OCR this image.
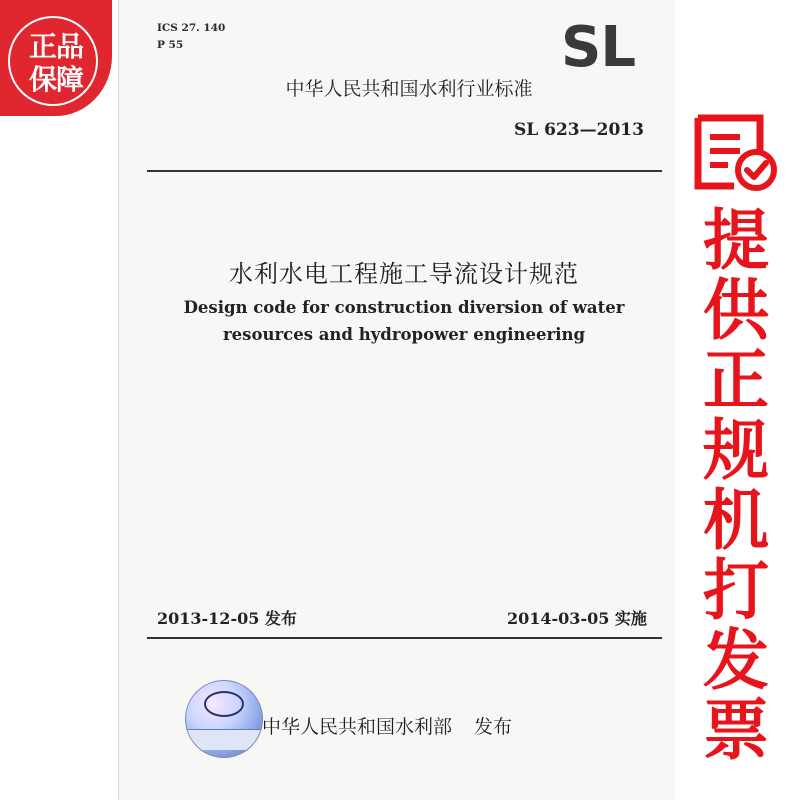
ICS 27. 140
P 55	SL
中华人民共和国水利行业标准
SL 623—2013
水利水电工程施工导流设计规范
Design code for construction diversion of water
resources and hydropower engineering
2013-12-05 发布	2014-03-05 实施
中华人民共和国水利部 发布
正品
保障
提
供
正
规
机
打
发
票
